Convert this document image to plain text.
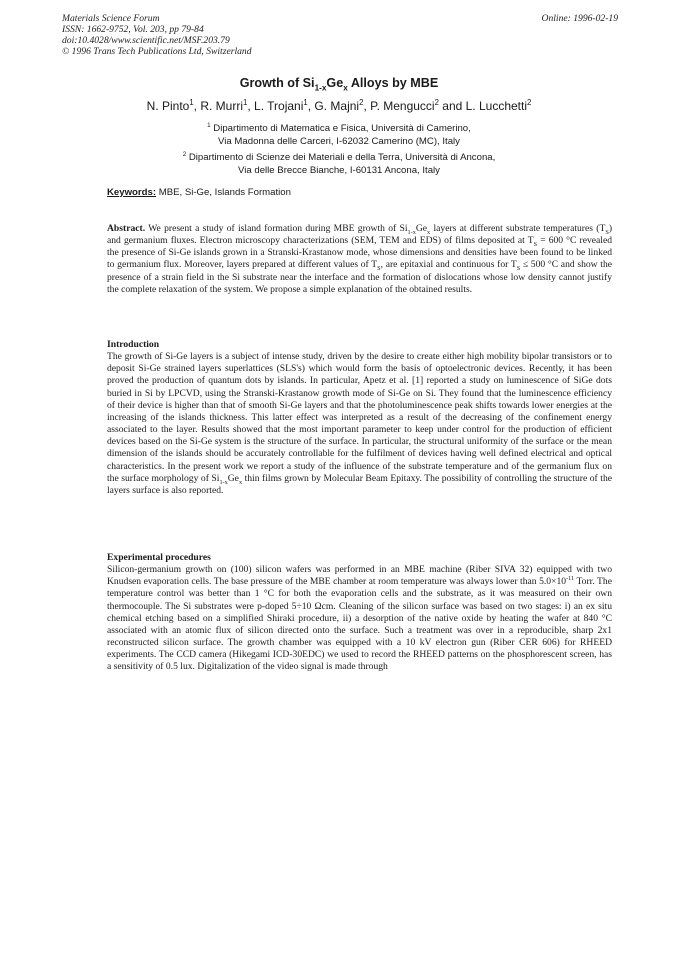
Materials Science Forum
ISSN: 1662-9752, Vol. 203, pp 79-84
doi:10.4028/www.scientific.net/MSF.203.79
© 1996 Trans Tech Publications Ltd, Switzerland
Online: 1996-02-19
Growth of $Si_{1-x}Ge_x$ Alloys by MBE
N. Pinto$^1$, R. Murri$^1$, L. Trojani$^1$, G. Majni$^2$, P. Mengucci$^2$ and L. Lucchetti$^2$
$^1$ Dipartimento di Matematica e Fisica, Università di Camerino,
Via Madonna delle Carceri, I-62032 Camerino (MC), Italy
$^2$ Dipartimento di Scienze dei Materiali e della Terra, Università di Ancona,
Via delle Brecce Bianche, I-60131 Ancona, Italy
Keywords: MBE, Si-Ge, Islands Formation

Abstract. We present a study of island formation during MBE growth of $Si_{1-x}Ge_x$ layers at different substrate temperatures $(T_S)$ and germanium fluxes. Electron microscopy characterizations (SEM, TEM and EDS) of films deposited at $T_S = 600$ °C revealed the presence of Si-Ge islands grown in a Stranski-Krastanow mode, whose dimensions and densities have been found to be linked to germanium flux. Moreover, layers prepared at different values of $T_S$, are epitaxial and continuous for $T_S \le 500$ °C and show the presence of a strain field in the Si substrate near the interface and the formation of dislocations whose low density cannot justify the complete relaxation of the system. We propose a simple explanation of the obtained results.

Introduction

The growth of Si-Ge layers is a subject of intense study, driven by the desire to create either high mobility bipolar transistors or to deposit Si-Ge strained layers superlattices (SLS's) which would form the basis of optoelectronic devices. Recently, it has been proved the production of quantum dots by islands. In particular, Apetz et al. [1] reported a study on luminescence of SiGe dots buried in Si by LPCVD, using the Stranski-Krastanow growth mode of Si-Ge on Si. They found that the luminescence efficiency of their device is higher than that of smooth Si-Ge layers and that the photoluminescence peak shifts towards lower energies at the increasing of the islands thickness. This latter effect was interpreted as a result of the decreasing of the confinement energy associated to the layer. Results showed that the most important parameter to keep under control for the production of efficient devices based on the Si-Ge system is the structure of the surface. In particular, the structural uniformity of the surface or the mean dimension of the islands should be accurately controllable for the fulfilment of devices having well defined electrical and optical characteristics. In the present work we report a study of the influence of the substrate temperature and of the germanium flux on the surface morphology of $Si_{1-x}Ge_x$ thin films grown by Molecular Beam Epitaxy. The possibility of controlling the structure of the layers surface is also reported.

Experimental procedures

Silicon-germanium growth on (100) silicon wafers was performed in an MBE machine (Riber SIVA 32) equipped with two Knudsen evaporation cells. The base pressure of the MBE chamber at room temperature was always lower than $5.0\times 10^{-11}$ Torr. The temperature control was better than 1 °C for both the evaporation cells and the substrate, as it was measured on their own thermocouple. The Si substrates were p-doped 5÷10 Ωcm. Cleaning of the silicon surface was based on two stages: i) an ex situ chemical etching based on a simplified Shiraki procedure, ii) a desorption of the native oxide by heating the wafer at 840 °C associated with an atomic flux of silicon directed onto the surface. Such a treatment was over in a reproducible, sharp 2x1 reconstructed silicon surface. The growth chamber was equipped with a 10 kV electron gun (Riber CER 606) for RHEED experiments. The CCD camera (Hikegami ICD-30EDC) we used to record the RHEED patterns on the phosphorescent screen, has a sensitivity of 0.5 lux. Digitalization of the video signal is made through
